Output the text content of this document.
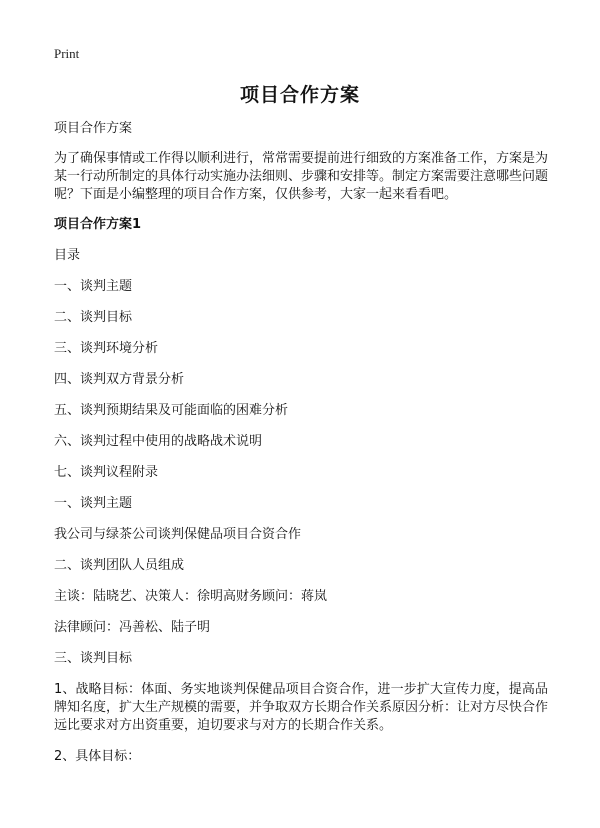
Print
项目合作方案

项目合作方案

为了确保事情或工作得以顺利进行，常常需要提前进行细致的方案准备工作，方案是为某一行动所制定的具体行动实施办法细则、步骤和安排等。制定方案需要注意哪些问题呢？下面是小编整理的项目合作方案，仅供参考，大家一起来看看吧。

项目合作方案1

目录

一、谈判主题

二、谈判目标

三、谈判环境分析

四、谈判双方背景分析

五、谈判预期结果及可能面临的困难分析

六、谈判过程中使用的战略战术说明

七、谈判议程附录

一、谈判主题

我公司与绿茶公司谈判保健品项目合资合作

二、谈判团队人员组成

主谈：陆晓艺、决策人：徐明高财务顾问：蒋岚

法律顾问：冯善松、陆子明

三、谈判目标

1、战略目标：体面、务实地谈判保健品项目合资合作，进一步扩大宣传力度，提高品牌知名度，扩大生产规模的需要，并争取双方长期合作关系原因分析：让对方尽快合作远比要求对方出资重要，迫切要求与对方的长期合作关系。

2、具体目标：
